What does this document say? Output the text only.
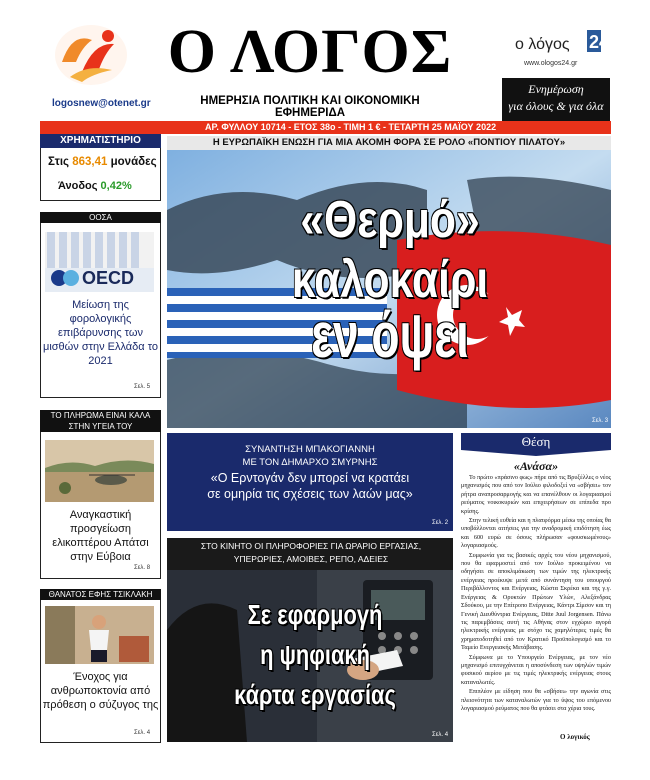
logosnew@otenet.gr
Ο ΛΟΓΟΣ
ΗΜΕΡΗΣΙΑ ΠΟΛΙΤΙΚΗ ΚΑΙ ΟΙΚΟΝΟΜΙΚΗ ΕΦΗΜΕΡΙΔΑ
24
ο λόγος
www.ologos24.gr
Ενημέρωση
για όλους & για όλα
ΑΡ. ΦΥΛΛΟΥ 10714 - ΕΤΟΣ 38ο - ΤΙΜΗ 1 € - ΤΕΤΑΡΤΗ 25 ΜΑΪΟΥ 2022
ΧΡΗΜΑΤΙΣΤΗΡΙΟ
Στις 863,41 μονάδες
Άνοδος 0,42%
ΟΟΣΑ
OECD
Μείωση της φορολογικής επιβάρυνσης των μισθών στην Ελλάδα το 2021
Σελ. 5
ΤΟ ΠΛΗΡΩΜΑ ΕΙΝΑΙ ΚΑΛΑ ΣΤΗΝ ΥΓΕΙΑ ΤΟΥ
Αναγκαστική προσγείωση ελικοπτέρου Απάτσι στην Εύβοια
Σελ. 8
ΘΑΝΑΤΟΣ ΕΦΗΣ ΤΣΙΚΛΑΚΗ
Ένοχος για ανθρωποκτονία από πρόθεση ο σύζυγος της
Σελ. 4
Η ΕΥΡΩΠΑΪΚΗ ΕΝΩΣΗ ΓΙΑ ΜΙΑ ΑΚΟΜΗ ΦΟΡΑ ΣΕ ΡΟΛΟ «ΠΟΝΤΙΟΥ ΠΙΛΑΤΟΥ»
«Θερμό» καλοκαίρι
εν όψει
Σελ. 3
ΣΥΝΑΝΤΗΣΗ ΜΠΑΚΟΓΙΑΝΝΗ
ΜΕ ΤΟΝ ΔΗΜΑΡΧΟ ΣΜΥΡΝΗΣ
«Ο Ερντογάν δεν μπορεί να κρατάει
σε ομηρία τις σχέσεις των λαών μας»
Σελ. 2
ΣΤΟ ΚΙΝΗΤΟ ΟΙ ΠΛΗΡΟΦΟΡΙΕΣ ΓΙΑ ΩΡΑΡΙΟ ΕΡΓΑΣΙΑΣ,
ΥΠΕΡΩΡΙΕΣ, ΑΜΟΙΒΕΣ, ΡΕΠΟ, ΑΔΕΙΕΣ
Σε εφαρμογή
η ψηφιακή κάρτα εργασίας
Σελ. 4
Θέση
«Ανάσα»

Το πρώτο «πράσινο φως» πήρε από τις Βρυξέλλες ο νέος μηχανισμός που από τον Ιούλιο φιλοδοξεί να «σβήσει» τον ρήτρα αναπροσαρμογής και να επανέλθουν οι λογαριασμοί ρεύματος νοικοκυριών και επιχειρήσεων σε επίπεδα προ κρίσης.

Στην τελική ευθεία και η πλατφόρμα μέσω της οποίας θα υποβάλλονται αιτήσεις για την αναδρομική επιδότηση έως και 600 ευρώ σε όσους πλήρωσαν «φουσκωμένους» λογαριασμούς.

Συμφωνία για τις βασικές αρχές του νέου μηχανισμού, που θα εφαρμοστεί από τον Ιούλιο προκειμένου να οδηγήσει σε αποκλιμάκωση των τιμών της ηλεκτρικής ενέργειας προέκυψε μετά από συνάντηση του υπουργού Περιβάλλοντος και Ενέργειας, Κώστα Σκρέκα και της γ.γ. Ενέργειας & Ορυκτών Πρώτων Υλών, Αλεξάνδρας Σδούκου, με την Επίτροπο Ενέργειας, Κάντρι Σίμσον και τη Γενική Διευθύντρια Ενέργειας, Ditte Juul Jorgensen. Πάνω τις παρεμβάσεις αυτή τις Αθήνας στον εγχώριο αγορά ηλεκτρικής ενέργειας με στόχο τις χαμηλότερες τιμές θα χρηματοδοτηθεί από τον Κρατικό Προϋπολογισμό και το Ταμείο Ενεργειακής Μετάβασης.

Σύμφωνα με το Υπουργείο Ενέργειας, με τον νέο μηχανισμό επιτυγχάνεται η αποσύνδεση των υψηλών τιμών φυσικού αερίου με τις τιμές ηλεκτρικής ενέργειας στους καταναλωτές.

Επιπλέον με είδηση που θα «σβήσει» την αγωνία στις πλειονότητα των καταναλωτών για το ύψος του επόμενου λογαριασμού ρεύματος που θα φτάσει στα χέρια τους.

Ο λογικός
